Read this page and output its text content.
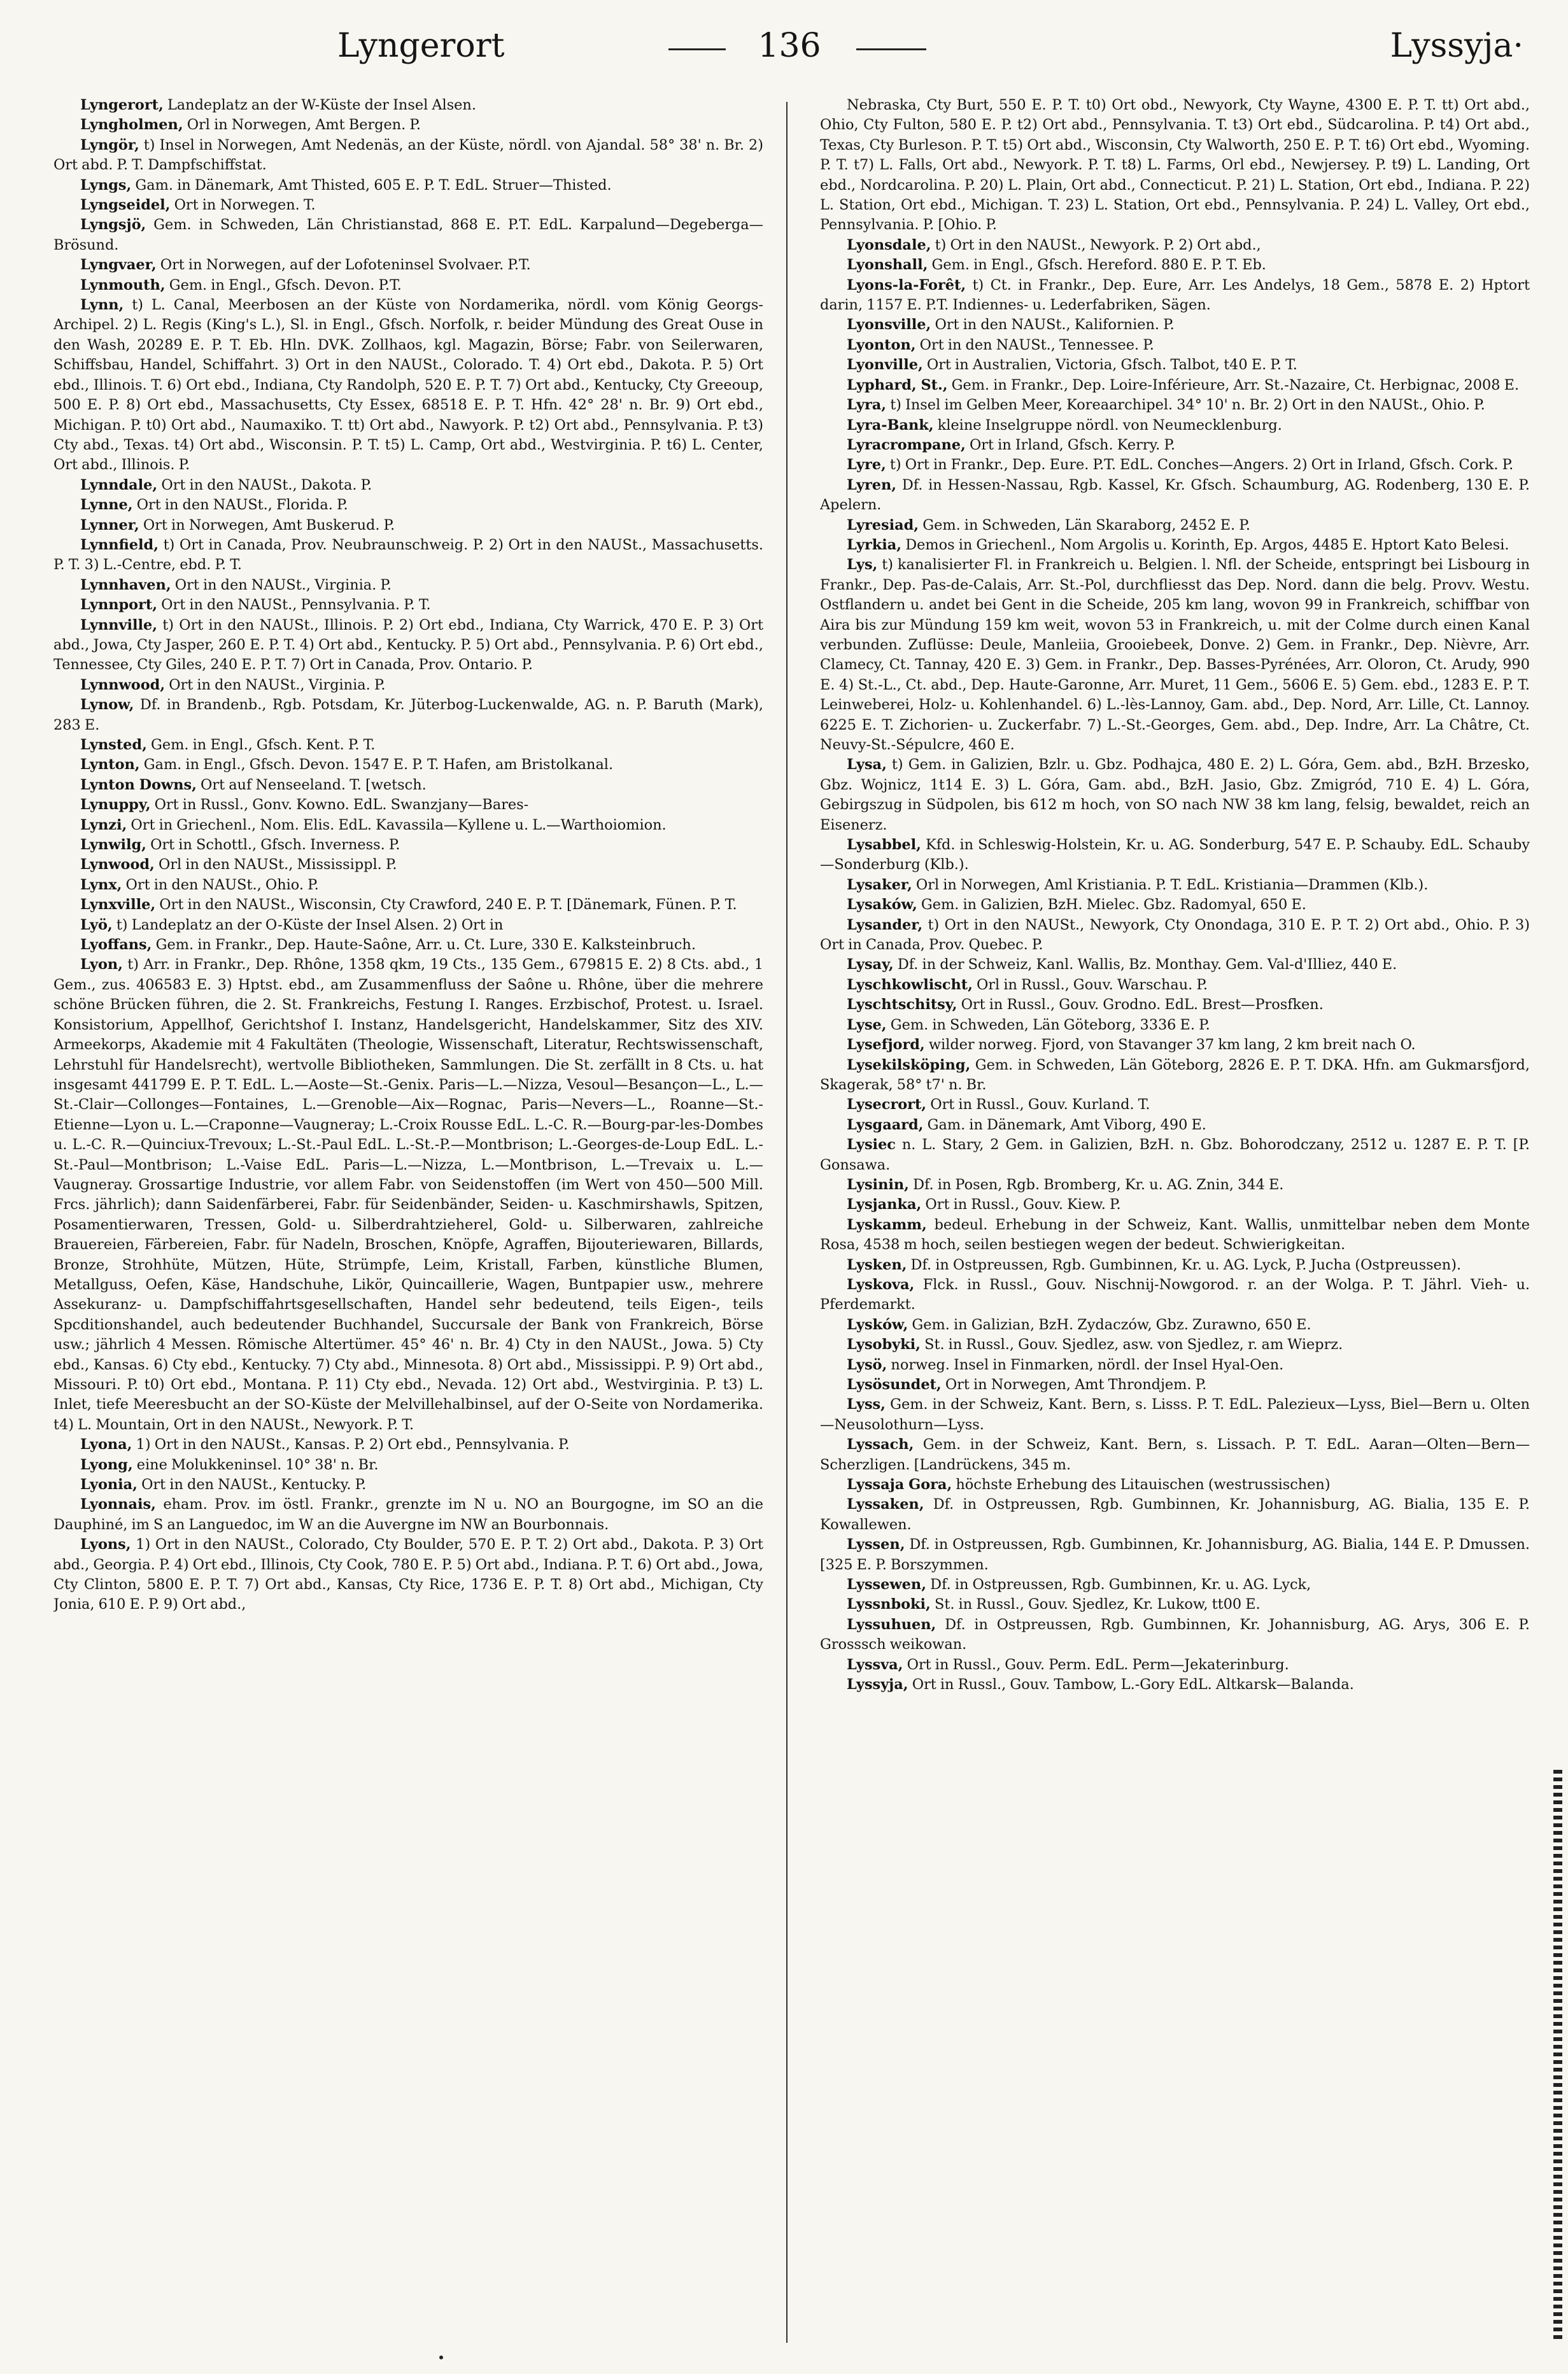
Lyngerort	136	Lyssyja·

Lyngerort, Landeplatz an der W-Küste der Insel Alsen.

Lyngholmen, Orl in Norwegen, Amt Bergen. P.

Lyngör, t) Insel in Norwegen, Amt Nedenäs, an der Küste, nördl. von Ajandal. 58° 38' n. Br. 2) Ort abd. P. T. Dampfschiffstat.

Lyngs, Gam. in Dänemark, Amt Thisted, 605 E. P. T. EdL. Struer—Thisted.

Lyngseidel, Ort in Norwegen. T.

Lyngsjö, Gem. in Schweden, Län Christianstad, 868 E. P.T. EdL. Karpalund—Degeberga—Brösund.

Lyngvaer, Ort in Norwegen, auf der Lofoteninsel Svolvaer. P.T.

Lynmouth, Gem. in Engl., Gfsch. Devon. P.T.

Lynn, t) L. Canal, Meerbosen an der Küste von Nordamerika, nördl. vom König Georgs-Archipel. 2) L. Regis (King's L.), Sl. in Engl., Gfsch. Norfolk, r. beider Mündung des Great Ouse in den Wash, 20289 E. P. T. Eb. Hln. DVK. Zollhaos, kgl. Magazin, Börse; Fabr. von Seilerwaren, Schiffsbau, Handel, Schiffahrt. 3) Ort in den NAUSt., Colorado. T. 4) Ort ebd., Dakota. P. 5) Ort ebd., Illinois. T. 6) Ort ebd., Indiana, Cty Randolph, 520 E. P. T. 7) Ort abd., Kentucky, Cty Greeoup, 500 E. P. 8) Ort ebd., Massachusetts, Cty Essex, 68518 E. P. T. Hfn. 42° 28' n. Br. 9) Ort ebd., Michigan. P. t0) Ort abd., Naumaxiko. T. tt) Ort abd., Nawyork. P. t2) Ort abd., Pennsylvania. P. t3) Cty abd., Texas. t4) Ort abd., Wisconsin. P. T. t5) L. Camp, Ort abd., Westvirginia. P. t6) L. Center, Ort abd., Illinois. P.

Lynndale, Ort in den NAUSt., Dakota. P.

Lynne, Ort in den NAUSt., Florida. P.

Lynner, Ort in Norwegen, Amt Buskerud. P.

Lynnfield, t) Ort in Canada, Prov. Neubraunschweig. P. 2) Ort in den NAUSt., Massachusetts. P. T. 3) L.-Centre, ebd. P. T.

Lynnhaven, Ort in den NAUSt., Virginia. P.

Lynnport, Ort in den NAUSt., Pennsylvania. P. T.

Lynnville, t) Ort in den NAUSt., Illinois. P. 2) Ort ebd., Indiana, Cty Warrick, 470 E. P. 3) Ort abd., Jowa, Cty Jasper, 260 E. P. T. 4) Ort abd., Kentucky. P. 5) Ort abd., Pennsylvania. P. 6) Ort ebd., Tennessee, Cty Giles, 240 E. P. T. 7) Ort in Canada, Prov. Ontario. P.

Lynnwood, Ort in den NAUSt., Virginia. P.

Lynow, Df. in Brandenb., Rgb. Potsdam, Kr. Jüterbog-Luckenwalde, AG. n. P. Baruth (Mark), 283 E.

Lynsted, Gem. in Engl., Gfsch. Kent. P. T.

Lynton, Gam. in Engl., Gfsch. Devon. 1547 E. P. T. Hafen, am Bristolkanal.

Lynton Downs, Ort auf Nenseeland. T. [wetsch.

Lynuppy, Ort in Russl., Gonv. Kowno. EdL. Swanzjany—Bares-

Lynzi, Ort in Griechenl., Nom. Elis. EdL. Kavassila—Kyllene u. L.—Warthoiomion.

Lynwilg, Ort in Schottl., Gfsch. Inverness. P.

Lynwood, Orl in den NAUSt., Mississippl. P.

Lynx, Ort in den NAUSt., Ohio. P.

Lynxville, Ort in den NAUSt., Wisconsin, Cty Crawford, 240 E. P. T. [Dänemark, Fünen. P. T.

Lyö, t) Landeplatz an der O-Küste der Insel Alsen. 2) Ort in

Lyoffans, Gem. in Frankr., Dep. Haute-Saône, Arr. u. Ct. Lure, 330 E. Kalksteinbruch.

Lyon, t) Arr. in Frankr., Dep. Rhône, 1358 qkm, 19 Cts., 135 Gem., 679815 E. 2) 8 Cts. abd., 1 Gem., zus. 406583 E. 3) Hptst. ebd., am Zusammenfluss der Saône u. Rhône, über die mehrere schöne Brücken führen, die 2. St. Frankreichs, Festung I. Ranges. Erzbischof, Protest. u. Israel. Konsistorium, Appellhof, Gerichtshof I. Instanz, Handelsgericht, Handelskammer, Sitz des XIV. Armeekorps, Akademie mit 4 Fakultäten (Theologie, Wissenschaft, Literatur, Rechtswissenschaft, Lehrstuhl für Handelsrecht), wertvolle Bibliotheken, Sammlungen. Die St. zerfällt in 8 Cts. u. hat insgesamt 441799 E. P. T. EdL. L.—Aoste—St.-Genix. Paris—L.—Nizza, Vesoul—Besançon—L., L.—St.-Clair—Collonges—Fontaines, L.—Grenoble—Aix—Rognac, Paris—Nevers—L., Roanne—St.-Etienne—Lyon u. L.—Craponne—Vaugneray; L.-Croix Rousse EdL. L.-C. R.—Bourg-par-les-Dombes u. L.-C. R.—Quinciux-Trevoux; L.-St.-Paul EdL. L.-St.-P.—Montbrison; L.-Georges-de-Loup EdL. L.-St.-Paul—Montbrison; L.-Vaise EdL. Paris—L.—Nizza, L.—Montbrison, L.—Trevaix u. L.—Vaugneray. Grossartige Industrie, vor allem Fabr. von Seidenstoffen (im Wert von 450—500 Mill. Frcs. jährlich); dann Saidenfärberei, Fabr. für Seidenbänder, Seiden- u. Kaschmirshawls, Spitzen, Posamentierwaren, Tressen, Gold- u. Silberdrahtzieherel, Gold- u. Silberwaren, zahlreiche Brauereien, Färbereien, Fabr. für Nadeln, Broschen, Knöpfe, Agraffen, Bijouteriewaren, Billards, Bronze, Strohhüte, Mützen, Hüte, Strümpfe, Leim, Kristall, Farben, künstliche Blumen, Metallguss, Oefen, Käse, Handschuhe, Likör, Quincaillerie, Wagen, Buntpapier usw., mehrere Assekuranz- u. Dampfschiffahrtsgesellschaften, Handel sehr bedeutend, teils Eigen-, teils Spcditionshandel, auch bedeutender Buchhandel, Succursale der Bank von Frankreich, Börse usw.; jährlich 4 Messen. Römische Altertümer. 45° 46' n. Br. 4) Cty in den NAUSt., Jowa. 5) Cty ebd., Kansas. 6) Cty ebd., Kentucky. 7) Cty abd., Minnesota. 8) Ort abd., Mississippi. P. 9) Ort abd., Missouri. P. t0) Ort ebd., Montana. P. 11) Cty ebd., Nevada. 12) Ort abd., Westvirginia. P. t3) L. Inlet, tiefe Meeresbucht an der SO-Küste der Melvillehalbinsel, auf der O-Seite von Nordamerika. t4) L. Mountain, Ort in den NAUSt., Newyork. P. T.

Lyona, 1) Ort in den NAUSt., Kansas. P. 2) Ort ebd., Pennsylvania. P.

Lyong, eine Molukkeninsel. 10° 38' n. Br.

Lyonia, Ort in den NAUSt., Kentucky. P.

Lyonnais, eham. Prov. im östl. Frankr., grenzte im N u. NO an Bourgogne, im SO an die Dauphiné, im S an Languedoc, im W an die Auvergne im NW an Bourbonnais.

Lyons, 1) Ort in den NAUSt., Colorado, Cty Boulder, 570 E. P. T. 2) Ort abd., Dakota. P. 3) Ort abd., Georgia. P. 4) Ort ebd., Illinois, Cty Cook, 780 E. P. 5) Ort abd., Indiana. P. T. 6) Ort abd., Jowa, Cty Clinton, 5800 E. P. T. 7) Ort abd., Kansas, Cty Rice, 1736 E. P. T. 8) Ort abd., Michigan, Cty Jonia, 610 E. P. 9) Ort abd.,

Nebraska, Cty Burt, 550 E. P. T. t0) Ort obd., Newyork, Cty Wayne, 4300 E. P. T. tt) Ort abd., Ohio, Cty Fulton, 580 E. P. t2) Ort abd., Pennsylvania. T. t3) Ort ebd., Südcarolina. P. t4) Ort abd., Texas, Cty Burleson. P. T. t5) Ort abd., Wisconsin, Cty Walworth, 250 E. P. T. t6) Ort ebd., Wyoming. P. T. t7) L. Falls, Ort abd., Newyork. P. T. t8) L. Farms, Orl ebd., Newjersey. P. t9) L. Landing, Ort ebd., Nordcarolina. P. 20) L. Plain, Ort abd., Connecticut. P. 21) L. Station, Ort ebd., Indiana. P. 22) L. Station, Ort ebd., Michigan. T. 23) L. Station, Ort ebd., Pennsylvania. P. 24) L. Valley, Ort ebd., Pennsylvania. P. [Ohio. P.

Lyonsdale, t) Ort in den NAUSt., Newyork. P. 2) Ort abd.,

Lyonshall, Gem. in Engl., Gfsch. Hereford. 880 E. P. T. Eb.

Lyons-la-Forêt, t) Ct. in Frankr., Dep. Eure, Arr. Les Andelys, 18 Gem., 5878 E. 2) Hptort darin, 1157 E. P.T. Indiennes- u. Lederfabriken, Sägen.

Lyonsville, Ort in den NAUSt., Kalifornien. P.

Lyonton, Ort in den NAUSt., Tennessee. P.

Lyonville, Ort in Australien, Victoria, Gfsch. Talbot, t40 E. P. T.

Lyphard, St., Gem. in Frankr., Dep. Loire-Inférieure, Arr. St.-Nazaire, Ct. Herbignac, 2008 E.

Lyra, t) Insel im Gelben Meer, Koreaarchipel. 34° 10' n. Br. 2) Ort in den NAUSt., Ohio. P.

Lyra-Bank, kleine Inselgruppe nördl. von Neumecklenburg.

Lyracrompane, Ort in Irland, Gfsch. Kerry. P.

Lyre, t) Ort in Frankr., Dep. Eure. P.T. EdL. Conches—Angers. 2) Ort in Irland, Gfsch. Cork. P.

Lyren, Df. in Hessen-Nassau, Rgb. Kassel, Kr. Gfsch. Schaumburg, AG. Rodenberg, 130 E. P. Apelern.

Lyresiad, Gem. in Schweden, Län Skaraborg, 2452 E. P.

Lyrkia, Demos in Griechenl., Nom Argolis u. Korinth, Ep. Argos, 4485 E. Hptort Kato Belesi.

Lys, t) kanalisierter Fl. in Frankreich u. Belgien. l. Nfl. der Scheide, entspringt bei Lisbourg in Frankr., Dep. Pas-de-Calais, Arr. St.-Pol, durchfliesst das Dep. Nord. dann die belg. Provv. Westu. Ostflandern u. andet bei Gent in die Scheide, 205 km lang, wovon 99 in Frankreich, schiffbar von Aira bis zur Mündung 159 km weit, wovon 53 in Frankreich, u. mit der Colme durch einen Kanal verbunden. Zuflüsse: Deule, Manleiia, Grooiebeek, Donve. 2) Gem. in Frankr., Dep. Nièvre, Arr. Clamecy, Ct. Tannay, 420 E. 3) Gem. in Frankr., Dep. Basses-Pyrénées, Arr. Oloron, Ct. Arudy, 990 E. 4) St.-L., Ct. abd., Dep. Haute-Garonne, Arr. Muret, 11 Gem., 5606 E. 5) Gem. ebd., 1283 E. P. T. Leinweberei, Holz- u. Kohlenhandel. 6) L.-lès-Lannoy, Gam. abd., Dep. Nord, Arr. Lille, Ct. Lannoy. 6225 E. T. Zichorien- u. Zuckerfabr. 7) L.-St.-Georges, Gem. abd., Dep. Indre, Arr. La Châtre, Ct. Neuvy-St.-Sépulcre, 460 E.

Lysa, t) Gem. in Galizien, Bzlr. u. Gbz. Podhajca, 480 E. 2) L. Góra, Gem. abd., BzH. Brzesko, Gbz. Wojnicz, 1t14 E. 3) L. Góra, Gam. abd., BzH. Jasio, Gbz. Zmigród, 710 E. 4) L. Góra, Gebirgszug in Südpolen, bis 612 m hoch, von SO nach NW 38 km lang, felsig, bewaldet, reich an Eisenerz.

Lysabbel, Kfd. in Schleswig-Holstein, Kr. u. AG. Sonderburg, 547 E. P. Schauby. EdL. Schauby—Sonderburg (Klb.).

Lysaker, Orl in Norwegen, Aml Kristiania. P. T. EdL. Kristiania—Drammen (Klb.).

Lysaków, Gem. in Galizien, BzH. Mielec. Gbz. Radomyal, 650 E.

Lysander, t) Ort in den NAUSt., Newyork, Cty Onondaga, 310 E. P. T. 2) Ort abd., Ohio. P. 3) Ort in Canada, Prov. Quebec. P.

Lysay, Df. in der Schweiz, Kanl. Wallis, Bz. Monthay. Gem. Val-d'Illiez, 440 E.

Lyschkowlischt, Orl in Russl., Gouv. Warschau. P.

Lyschtschitsy, Ort in Russl., Gouv. Grodno. EdL. Brest—Prosfken.

Lyse, Gem. in Schweden, Län Göteborg, 3336 E. P.

Lysefjord, wilder norweg. Fjord, von Stavanger 37 km lang, 2 km breit nach O.

Lysekilsköping, Gem. in Schweden, Län Göteborg, 2826 E. P. T. DKA. Hfn. am Gukmarsfjord, Skagerak, 58° t7' n. Br.

Lysecrort, Ort in Russl., Gouv. Kurland. T.

Lysgaard, Gam. in Dänemark, Amt Viborg, 490 E.

Lysiec n. L. Stary, 2 Gem. in Galizien, BzH. n. Gbz. Bohorodczany, 2512 u. 1287 E. P. T. [P. Gonsawa.

Lysinin, Df. in Posen, Rgb. Bromberg, Kr. u. AG. Znin, 344 E.

Lysjanka, Ort in Russl., Gouv. Kiew. P.

Lyskamm, bedeul. Erhebung in der Schweiz, Kant. Wallis, unmittelbar neben dem Monte Rosa, 4538 m hoch, seilen bestiegen wegen der bedeut. Schwierigkeitan.

Lysken, Df. in Ostpreussen, Rgb. Gumbinnen, Kr. u. AG. Lyck, P. Jucha (Ostpreussen).

Lyskova, Flck. in Russl., Gouv. Nischnij-Nowgorod. r. an der Wolga. P. T. Jährl. Vieh- u. Pferdemarkt.

Lysków, Gem. in Galizian, BzH. Zydaczów, Gbz. Zurawno, 650 E.

Lysobyki, St. in Russl., Gouv. Sjedlez, asw. von Sjedlez, r. am Wieprz.

Lysö, norweg. Insel in Finmarken, nördl. der Insel Hyal-Oen.

Lysösundet, Ort in Norwegen, Amt Throndjem. P.

Lyss, Gem. in der Schweiz, Kant. Bern, s. Lisss. P. T. EdL. Palezieux—Lyss, Biel—Bern u. Olten—Neusolothurn—Lyss.

Lyssach, Gem. in der Schweiz, Kant. Bern, s. Lissach. P. T. EdL. Aaran—Olten—Bern—Scherzligen. [Landrückens, 345 m.

Lyssaja Gora, höchste Erhebung des Litauischen (westrussischen)

Lyssaken, Df. in Ostpreussen, Rgb. Gumbinnen, Kr. Johannisburg, AG. Bialia, 135 E. P. Kowallewen.

Lyssen, Df. in Ostpreussen, Rgb. Gumbinnen, Kr. Johannisburg, AG. Bialia, 144 E. P. Dmussen. [325 E. P. Borszymmen.

Lyssewen, Df. in Ostpreussen, Rgb. Gumbinnen, Kr. u. AG. Lyck,

Lyssnboki, St. in Russl., Gouv. Sjedlez, Kr. Lukow, tt00 E.

Lyssuhuen, Df. in Ostpreussen, Rgb. Gumbinnen, Kr. Johannisburg, AG. Arys, 306 E. P. Grosssch weikowan.

Lyssva, Ort in Russl., Gouv. Perm. EdL. Perm—Jekaterinburg.

Lyssyja, Ort in Russl., Gouv. Tambow, L.-Gory EdL. Altkarsk—Balanda.
